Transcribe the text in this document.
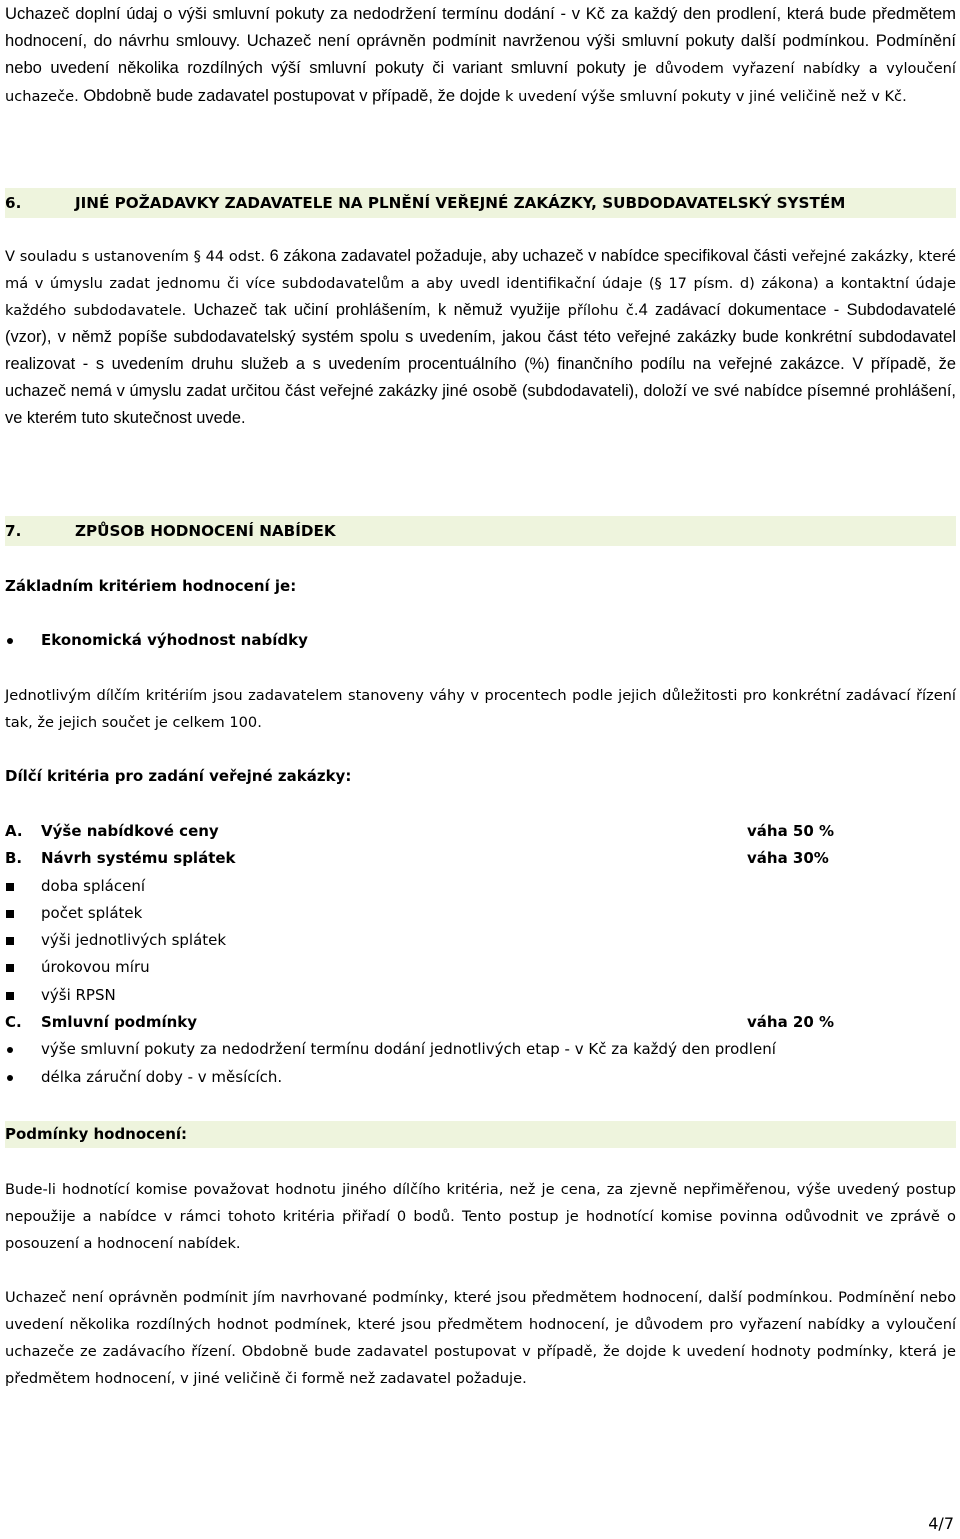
Uchazeč doplní údaj o výši smluvní pokuty za nedodržení termínu dodání - v Kč za každý den prodlení, která bude předmětem hodnocení, do návrhu smlouvy. Uchazeč není oprávněn podmínit navrženou výši smluvní pokuty další podmínkou. Podmínění nebo uvedení několika rozdílných výší smluvní pokuty či variant smluvní pokuty je důvodem vyřazení nabídky a vyloučení uchazeče. Obdobně bude zadavatel postupovat v případě, že dojde k uvedení výše smluvní pokuty v jiné veličině než v Kč.

6.	JINÉ POŽADAVKY ZADAVATELE NA PLNĚNÍ VEŘEJNÉ ZAKÁZKY, SUBDODAVATELSKÝ SYSTÉM

V souladu s ustanovením § 44 odst. 6 zákona zadavatel požaduje, aby uchazeč v nabídce specifikoval části veřejné zakázky, které má v úmyslu zadat jednomu či více subdodavatelům a aby uvedl identifikační údaje (§ 17 písm. d) zákona) a kontaktní údaje každého subdodavatele. Uchazeč tak učiní prohlášením, k němuž využije přílohu č.4 zadávací dokumentace - Subdodavatelé (vzor), v němž popíše subdodavatelský systém spolu s uvedením, jakou část této veřejné zakázky bude konkrétní subdodavatel realizovat - s uvedením druhu služeb a s uvedením procentuálního (%) finančního podílu na veřejné zakázce. V případě, že uchazeč nemá v úmyslu zadat určitou část veřejné zakázky jiné osobě (subdodavateli), doloží ve své nabídce písemné prohlášení, ve kterém tuto skutečnost uvede.

7.	ZPŮSOB HODNOCENÍ NABÍDEK
Základním kritériem hodnocení je:
Ekonomická výhodnost nabídky

Jednotlivým dílčím kritériím jsou zadavatelem stanoveny váhy v procentech podle jejich důležitosti pro konkrétní zadávací řízení tak, že jejich součet je celkem 100.

Dílčí kritéria pro zadání veřejné zakázky:
A. Výše nabídkové ceny	váha 50 %
B. Návrh systému splátek	váha 30%
doba splácení
počet splátek
výši jednotlivých splátek
úrokovou míru
výši RPSN
C. Smluvní podmínky	váha 20 %
výše smluvní pokuty za nedodržení termínu dodání jednotlivých etap - v Kč za každý den prodlení
délka záruční doby - v měsících.
Podmínky hodnocení:

Bude-li hodnotící komise považovat hodnotu jiného dílčího kritéria, než je cena, za zjevně nepřiměřenou, výše uvedený postup nepoužije a nabídce v rámci tohoto kritéria přiřadí 0 bodů. Tento postup je hodnotící komise povinna odůvodnit ve zprávě o posouzení a hodnocení nabídek.

Uchazeč není oprávněn podmínit jím navrhované podmínky, které jsou předmětem hodnocení, další podmínkou. Podmínění nebo uvedení několika rozdílných hodnot podmínek, které jsou předmětem hodnocení, je důvodem pro vyřazení nabídky a vyloučení uchazeče ze zadávacího řízení. Obdobně bude zadavatel postupovat v případě, že dojde k uvedení hodnoty podmínky, která je předmětem hodnocení, v jiné veličině či formě než zadavatel požaduje.

4/7
